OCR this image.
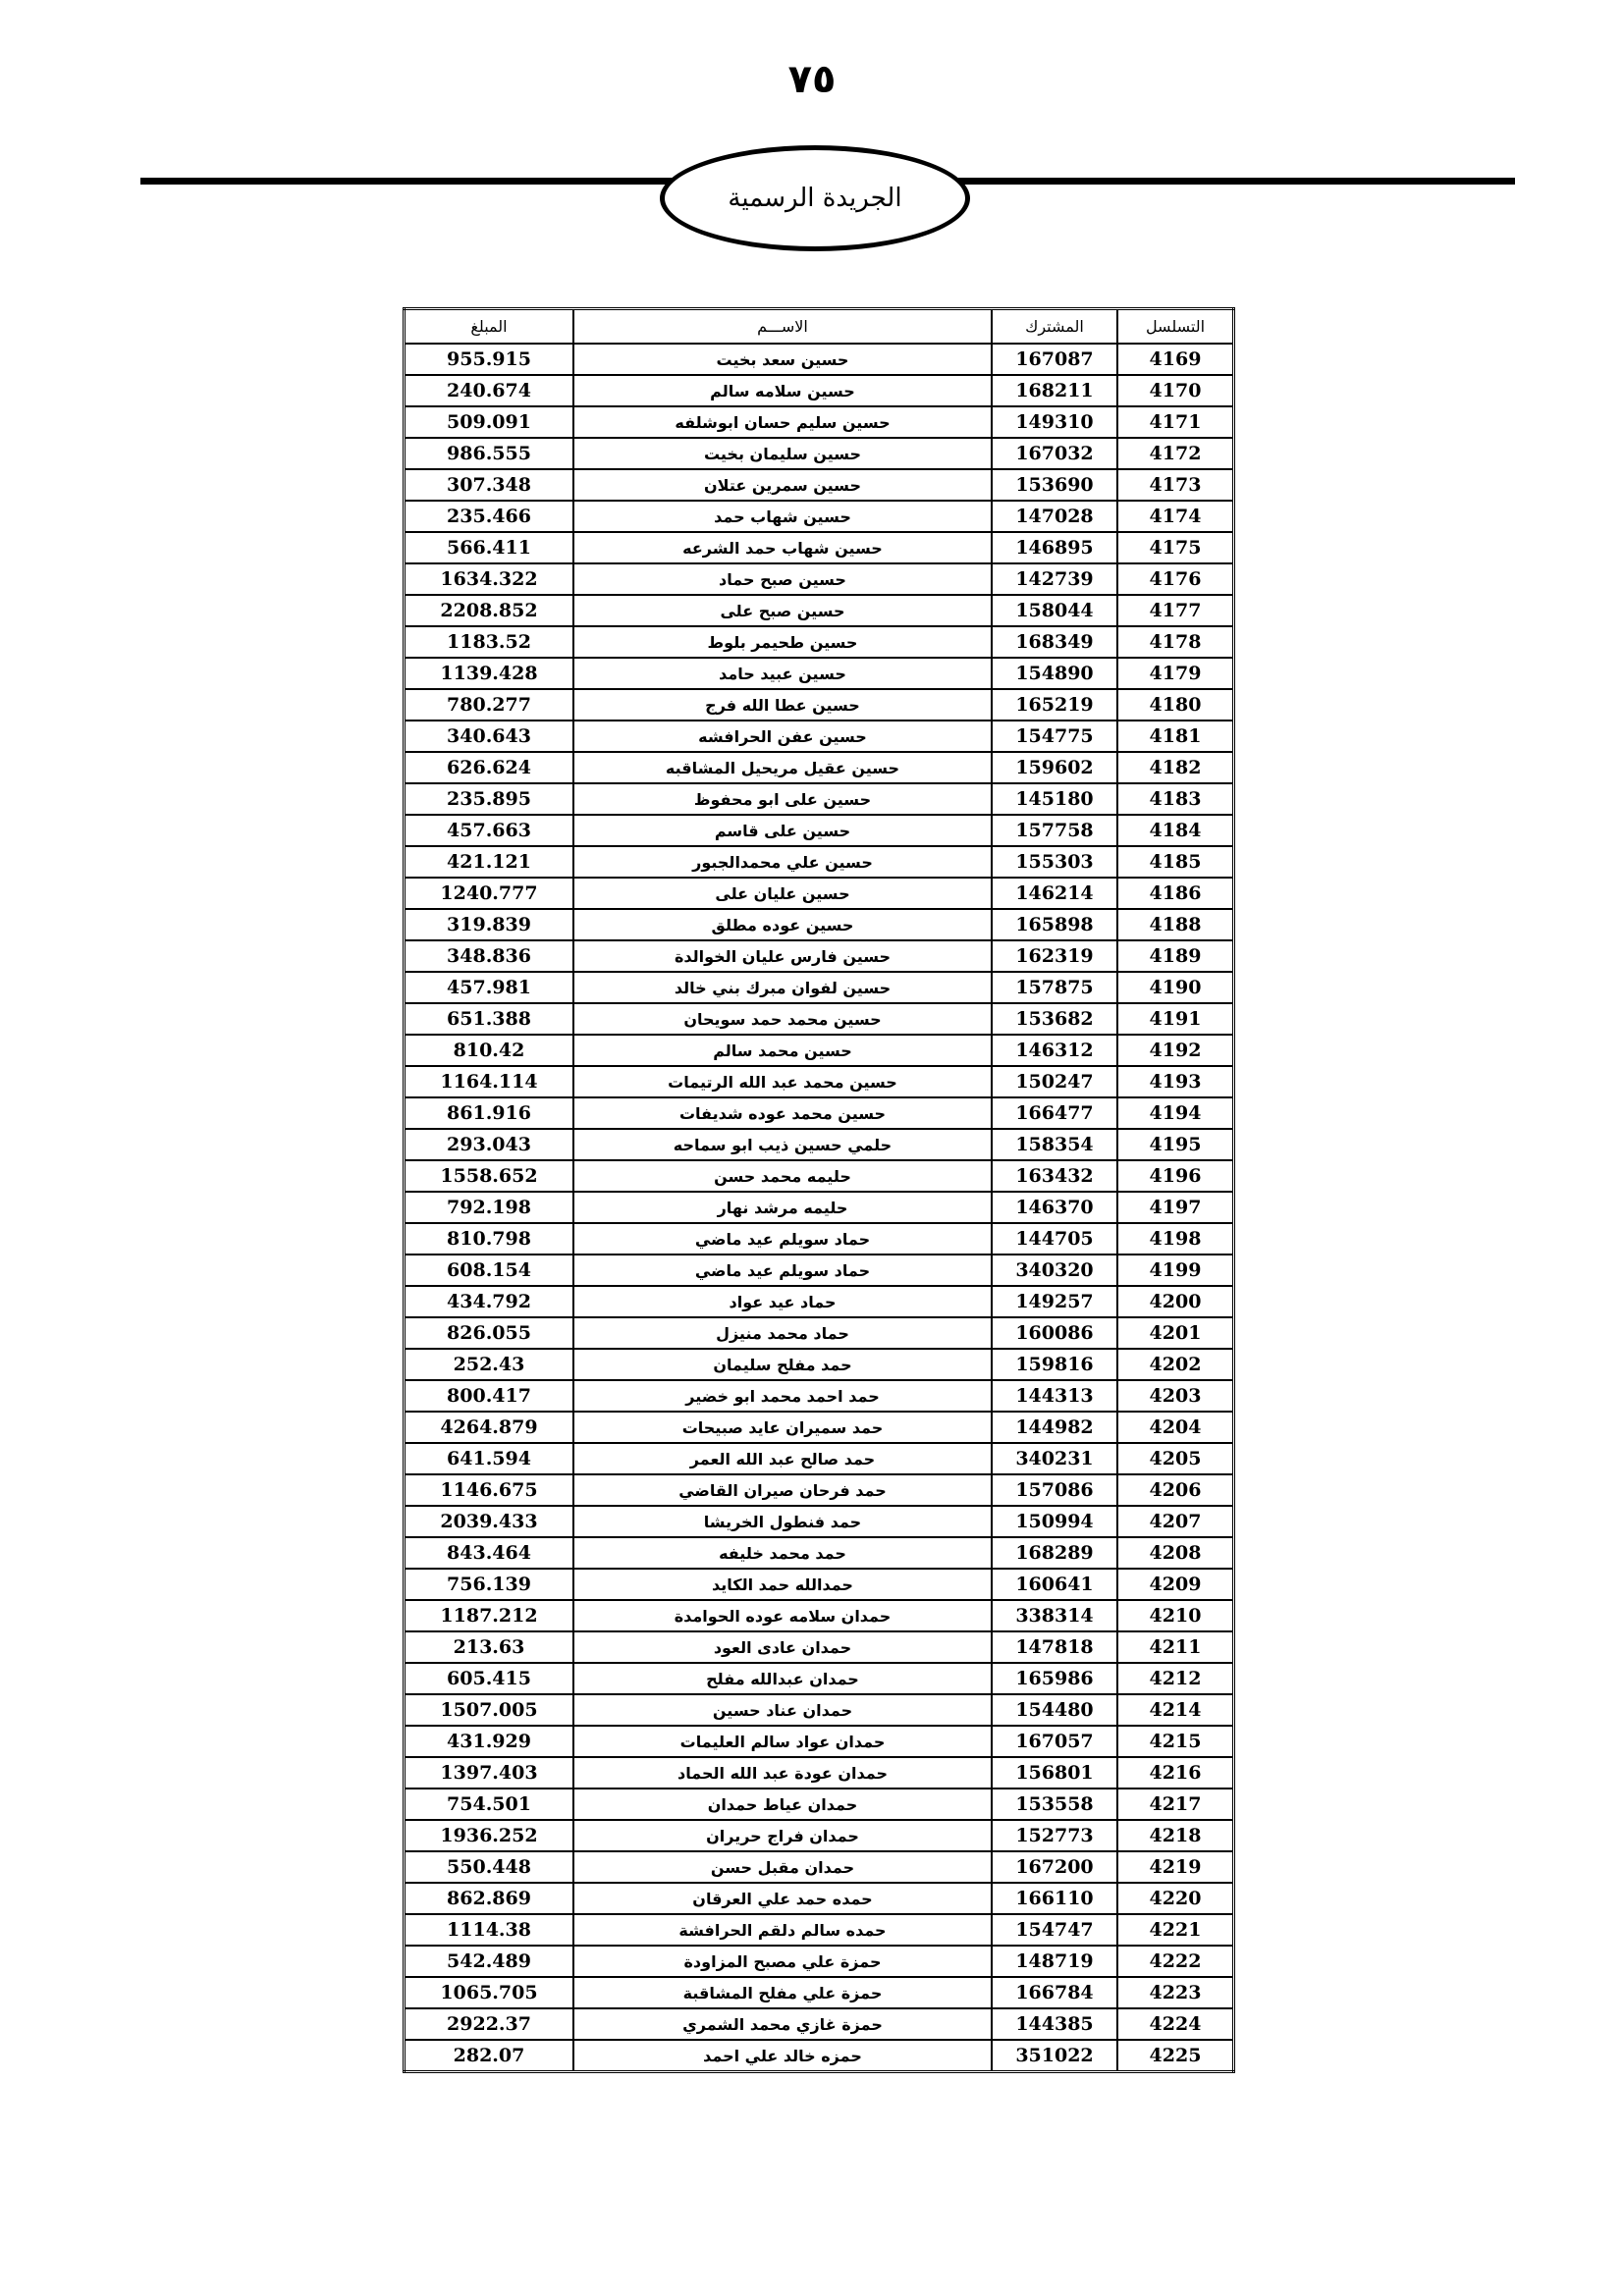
٧٥
الجريدة الرسمية
التسلسل	المشترك	الاســـم	المبلغ
4169	167087	حسين سعد بخيت	955.915
4170	168211	حسين سلامه سالم	240.674
4171	149310	حسين سليم حسان ابوشلفه	509.091
4172	167032	حسين سليمان بخيت	986.555
4173	153690	حسين سمرين عتلان	307.348
4174	147028	حسين شهاب حمد	235.466
4175	146895	حسين شهاب حمد الشرعه	566.411
4176	142739	حسين صبح حماد	1634.322
4177	158044	حسين صبح على	2208.852
4178	168349	حسين طحيمر بلوط	1183.52
4179	154890	حسين عبيد حامد	1139.428
4180	165219	حسين عطا الله فرج	780.277
4181	154775	حسين عفن الحرافشه	340.643
4182	159602	حسين عقيل مريحيل المشاقبه	626.624
4183	145180	حسين على ابو محفوظ	235.895
4184	157758	حسين على قاسم	457.663
4185	155303	حسين علي محمدالجبور	421.121
4186	146214	حسين عليان على	1240.777
4188	165898	حسين عوده مطلق	319.839
4189	162319	حسين فارس عليان الخوالدة	348.836
4190	157875	حسين لفوان مبرك بني خالد	457.981
4191	153682	حسين محمد حمد سويحان	651.388
4192	146312	حسين محمد سالم	810.42
4193	150247	حسين محمد عبد الله الرتيمات	1164.114
4194	166477	حسين محمد عوده شديفات	861.916
4195	158354	حلمي حسين ذيب ابو سماحه	293.043
4196	163432	حليمه محمد حسن	1558.652
4197	146370	حليمه مرشد نهار	792.198
4198	144705	حماد سويلم عيد ماضي	810.798
4199	340320	حماد سويلم عيد ماضي	608.154
4200	149257	حماد عيد عواد	434.792
4201	160086	حماد محمد منيزل	826.055
4202	159816	حمد مفلح سليمان	252.43
4203	144313	حمد احمد محمد ابو خضير	800.417
4204	144982	حمد سميران عايد صبيحات	4264.879
4205	340231	حمد صالح عبد الله العمر	641.594
4206	157086	حمد فرحان صيران القاضي	1146.675
4207	150994	حمد فنطول الخريشا	2039.433
4208	168289	حمد محمد خليفه	843.464
4209	160641	حمدالله حمد الكايد	756.139
4210	338314	حمدان سلامه عوده الحوامدة	1187.212
4211	147818	حمدان عادى العود	213.63
4212	165986	حمدان عبدالله مفلح	605.415
4214	154480	حمدان عناد حسين	1507.005
4215	167057	حمدان عواد سالم العليمات	431.929
4216	156801	حمدان عودة عبد الله الحماد	1397.403
4217	153558	حمدان عياط حمدان	754.501
4218	152773	حمدان فراج حريران	1936.252
4219	167200	حمدان مقبل حسن	550.448
4220	166110	حمده حمد علي العرقان	862.869
4221	154747	حمده سالم دلقم الحرافشة	1114.38
4222	148719	حمزة علي مصبح المزاودة	542.489
4223	166784	حمزة علي مفلح المشاقبة	1065.705
4224	144385	حمزة غازي محمد الشمري	2922.37
4225	351022	حمزه خالد علي احمد	282.07
